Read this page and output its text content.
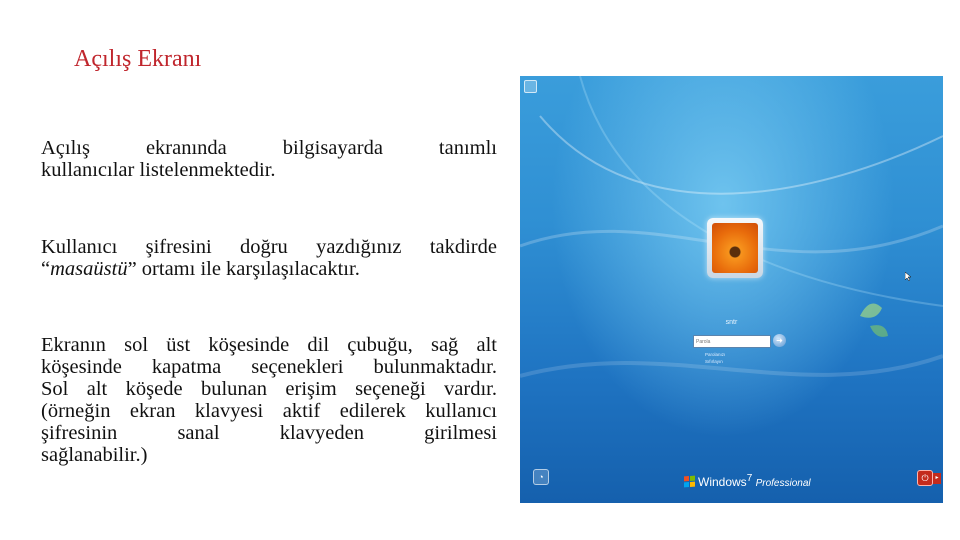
Açılış Ekranı
Açılış ekranında bilgisayarda tanımlı
kullanıcılar listelenmektedir.
Kullanıcı şifresini doğru yazdığınız takdirde
“masaüstü” ortamı ile karşılaşılacaktır.
Ekranın sol üst köşesinde dil çubuğu, sağ alt
köşesinde kapatma seçenekleri bulunmaktadır.
Sol alt köşede bulunan erişim seçeneği vardır.
(örneğin ekran klavyesi aktif edilerek kullanıcı
şifresinin sanal klavyeden girilmesi
sağlanabilir.)
sntr
Parola	➜
Parolanızı
Sıfırlayın
◔	Windows$^7$ Professional	⏻	▸
